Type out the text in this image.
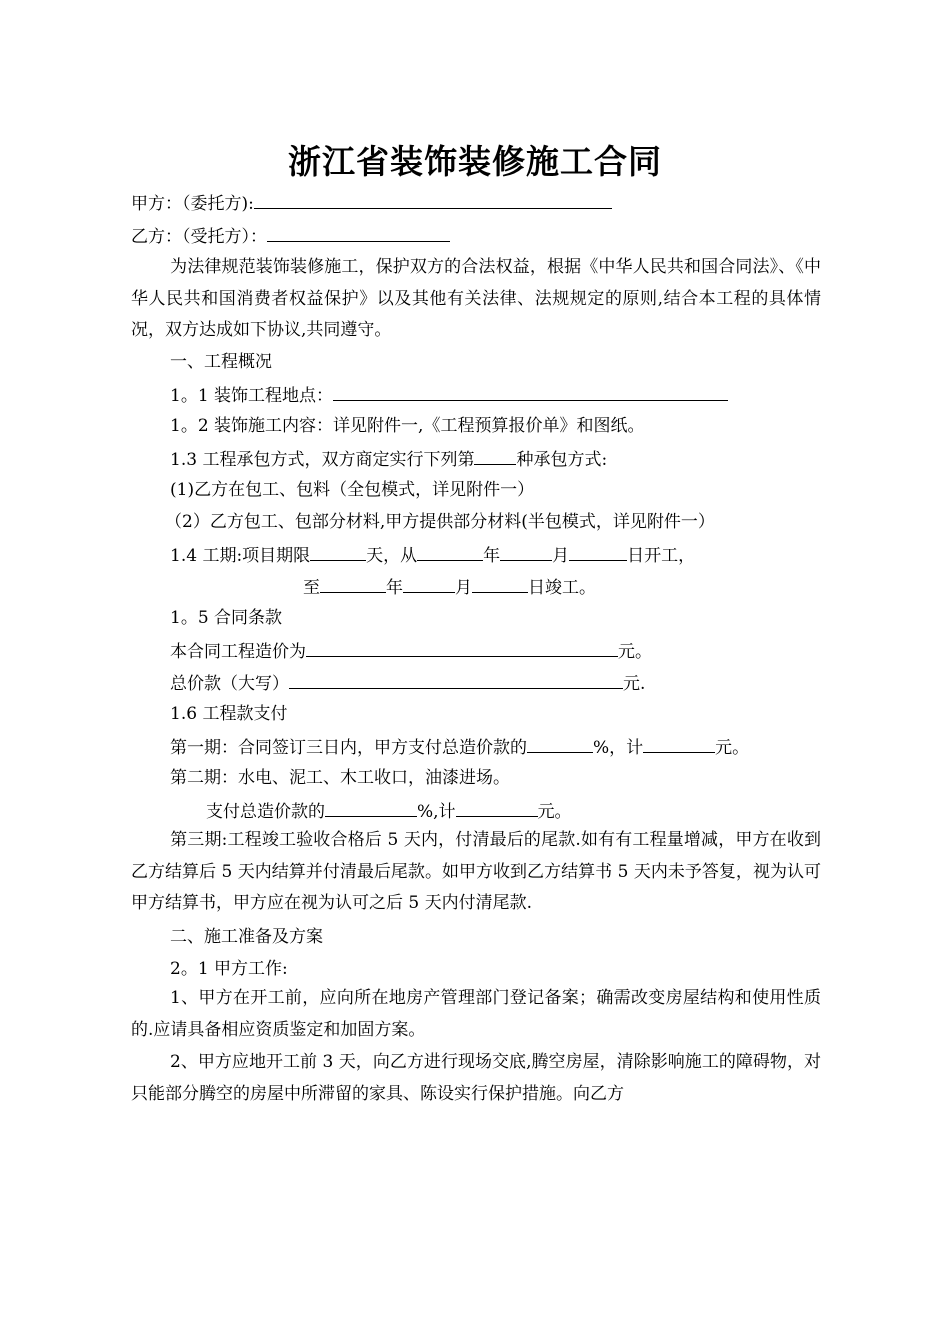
浙江省装饰装修施工合同
甲方：（委托方):
乙方：（受托方）：
为法律规范装饰装修施工，保护双方的合法权益，根据《中华人民共和国合同法》、《中华人民共和国消费者权益保护》以及其他有关法律、法规规定的原则,结合本工程的具体情况，双方达成如下协议,共同遵守。
一、工程概况
1。1 装饰工程地点：
1。2 装饰施工内容：详见附件一,《工程预算报价单》和图纸。
1.3 工程承包方式，双方商定实行下列第 种承包方式:
(1)乙方在包工、包料（全包模式，详见附件一）
（2）乙方包工、包部分材料,甲方提供部分材料(半包模式，详见附件一）
1.4 工期:项目期限	天，从	年	月	日开工，
至	年	月	日竣工。
1。5 合同条款
本合同工程造价为	元。
总价款（大写）	元.
1.6 工程款支付
第一期：合同签订三日内，甲方支付总造价款的	%，计	元。
第二期：水电、泥工、木工收口，油漆进场。
支付总造价款的	%,计	元。
第三期:工程竣工验收合格后 5 天内，付清最后的尾款.如有有工程量增减，甲方在收到乙方结算后 5 天内结算并付清最后尾款。如甲方收到乙方结算书 5 天内未予答复，视为认可甲方结算书，甲方应在视为认可之后 5 天内付清尾款.
二、施工准备及方案
2。1 甲方工作:
1、甲方在开工前，应向所在地房产管理部门登记备案；确需改变房屋结构和使用性质的.应请具备相应资质鉴定和加固方案。
2、甲方应地开工前 3 天，向乙方进行现场交底,腾空房屋，清除影响施工的障碍物，对只能部分腾空的房屋中所滞留的家具、陈设实行保护措施。向乙方
